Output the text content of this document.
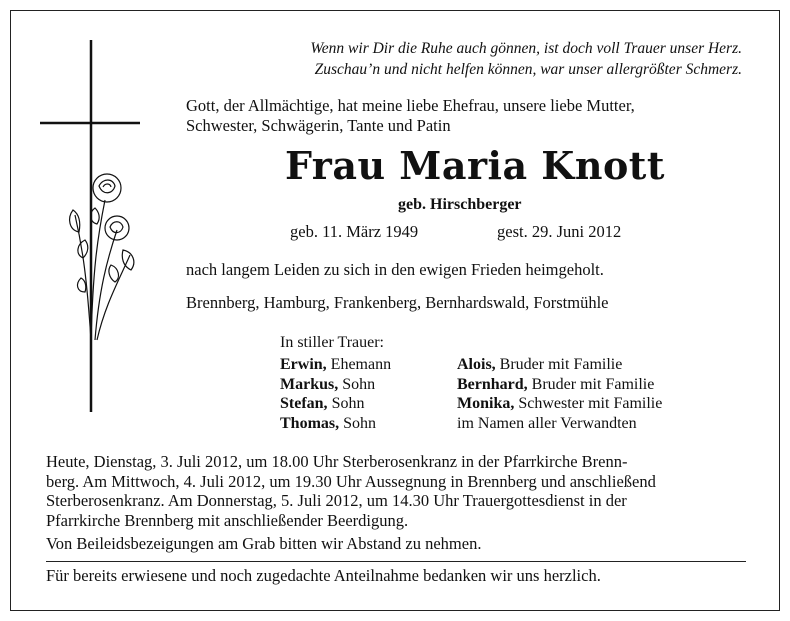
Wenn wir Dir die Ruhe auch gönnen, ist doch voll Trauer unser Herz.
Zuschau’n und nicht helfen können, war unser allergrößter Schmerz.
Gott, der Allmächtige, hat meine liebe Ehefrau, unsere liebe Mutter,
Schwester, Schwägerin, Tante und Patin
Frau Maria Knott
geb. Hirschberger
geb. 11. März 1949	gest. 29. Juni 2012
nach langem Leiden zu sich in den ewigen Frieden heimgeholt.
Brennberg, Hamburg, Frankenberg, Bernhardswald, Forstmühle
In stiller Trauer:
Erwin, Ehemann
Markus, Sohn
Stefan, Sohn
Thomas, Sohn
Alois, Bruder mit Familie
Bernhard, Bruder mit Familie
Monika, Schwester mit Familie
im Namen aller Verwandten
Heute, Dienstag, 3. Juli 2012, um 18.00 Uhr Sterberosenkranz in der Pfarrkirche Brenn-
berg. Am Mittwoch, 4. Juli 2012, um 19.30 Uhr Aussegnung in Brennberg und anschließend
Sterberosenkranz. Am Donnerstag, 5. Juli 2012, um 14.30 Uhr Trauergottesdienst in der
Pfarrkirche Brennberg mit anschließender Beerdigung.
Von Beileidsbezeigungen am Grab bitten wir Abstand zu nehmen.
Für bereits erwiesene und noch zugedachte Anteilnahme bedanken wir uns herzlich.
